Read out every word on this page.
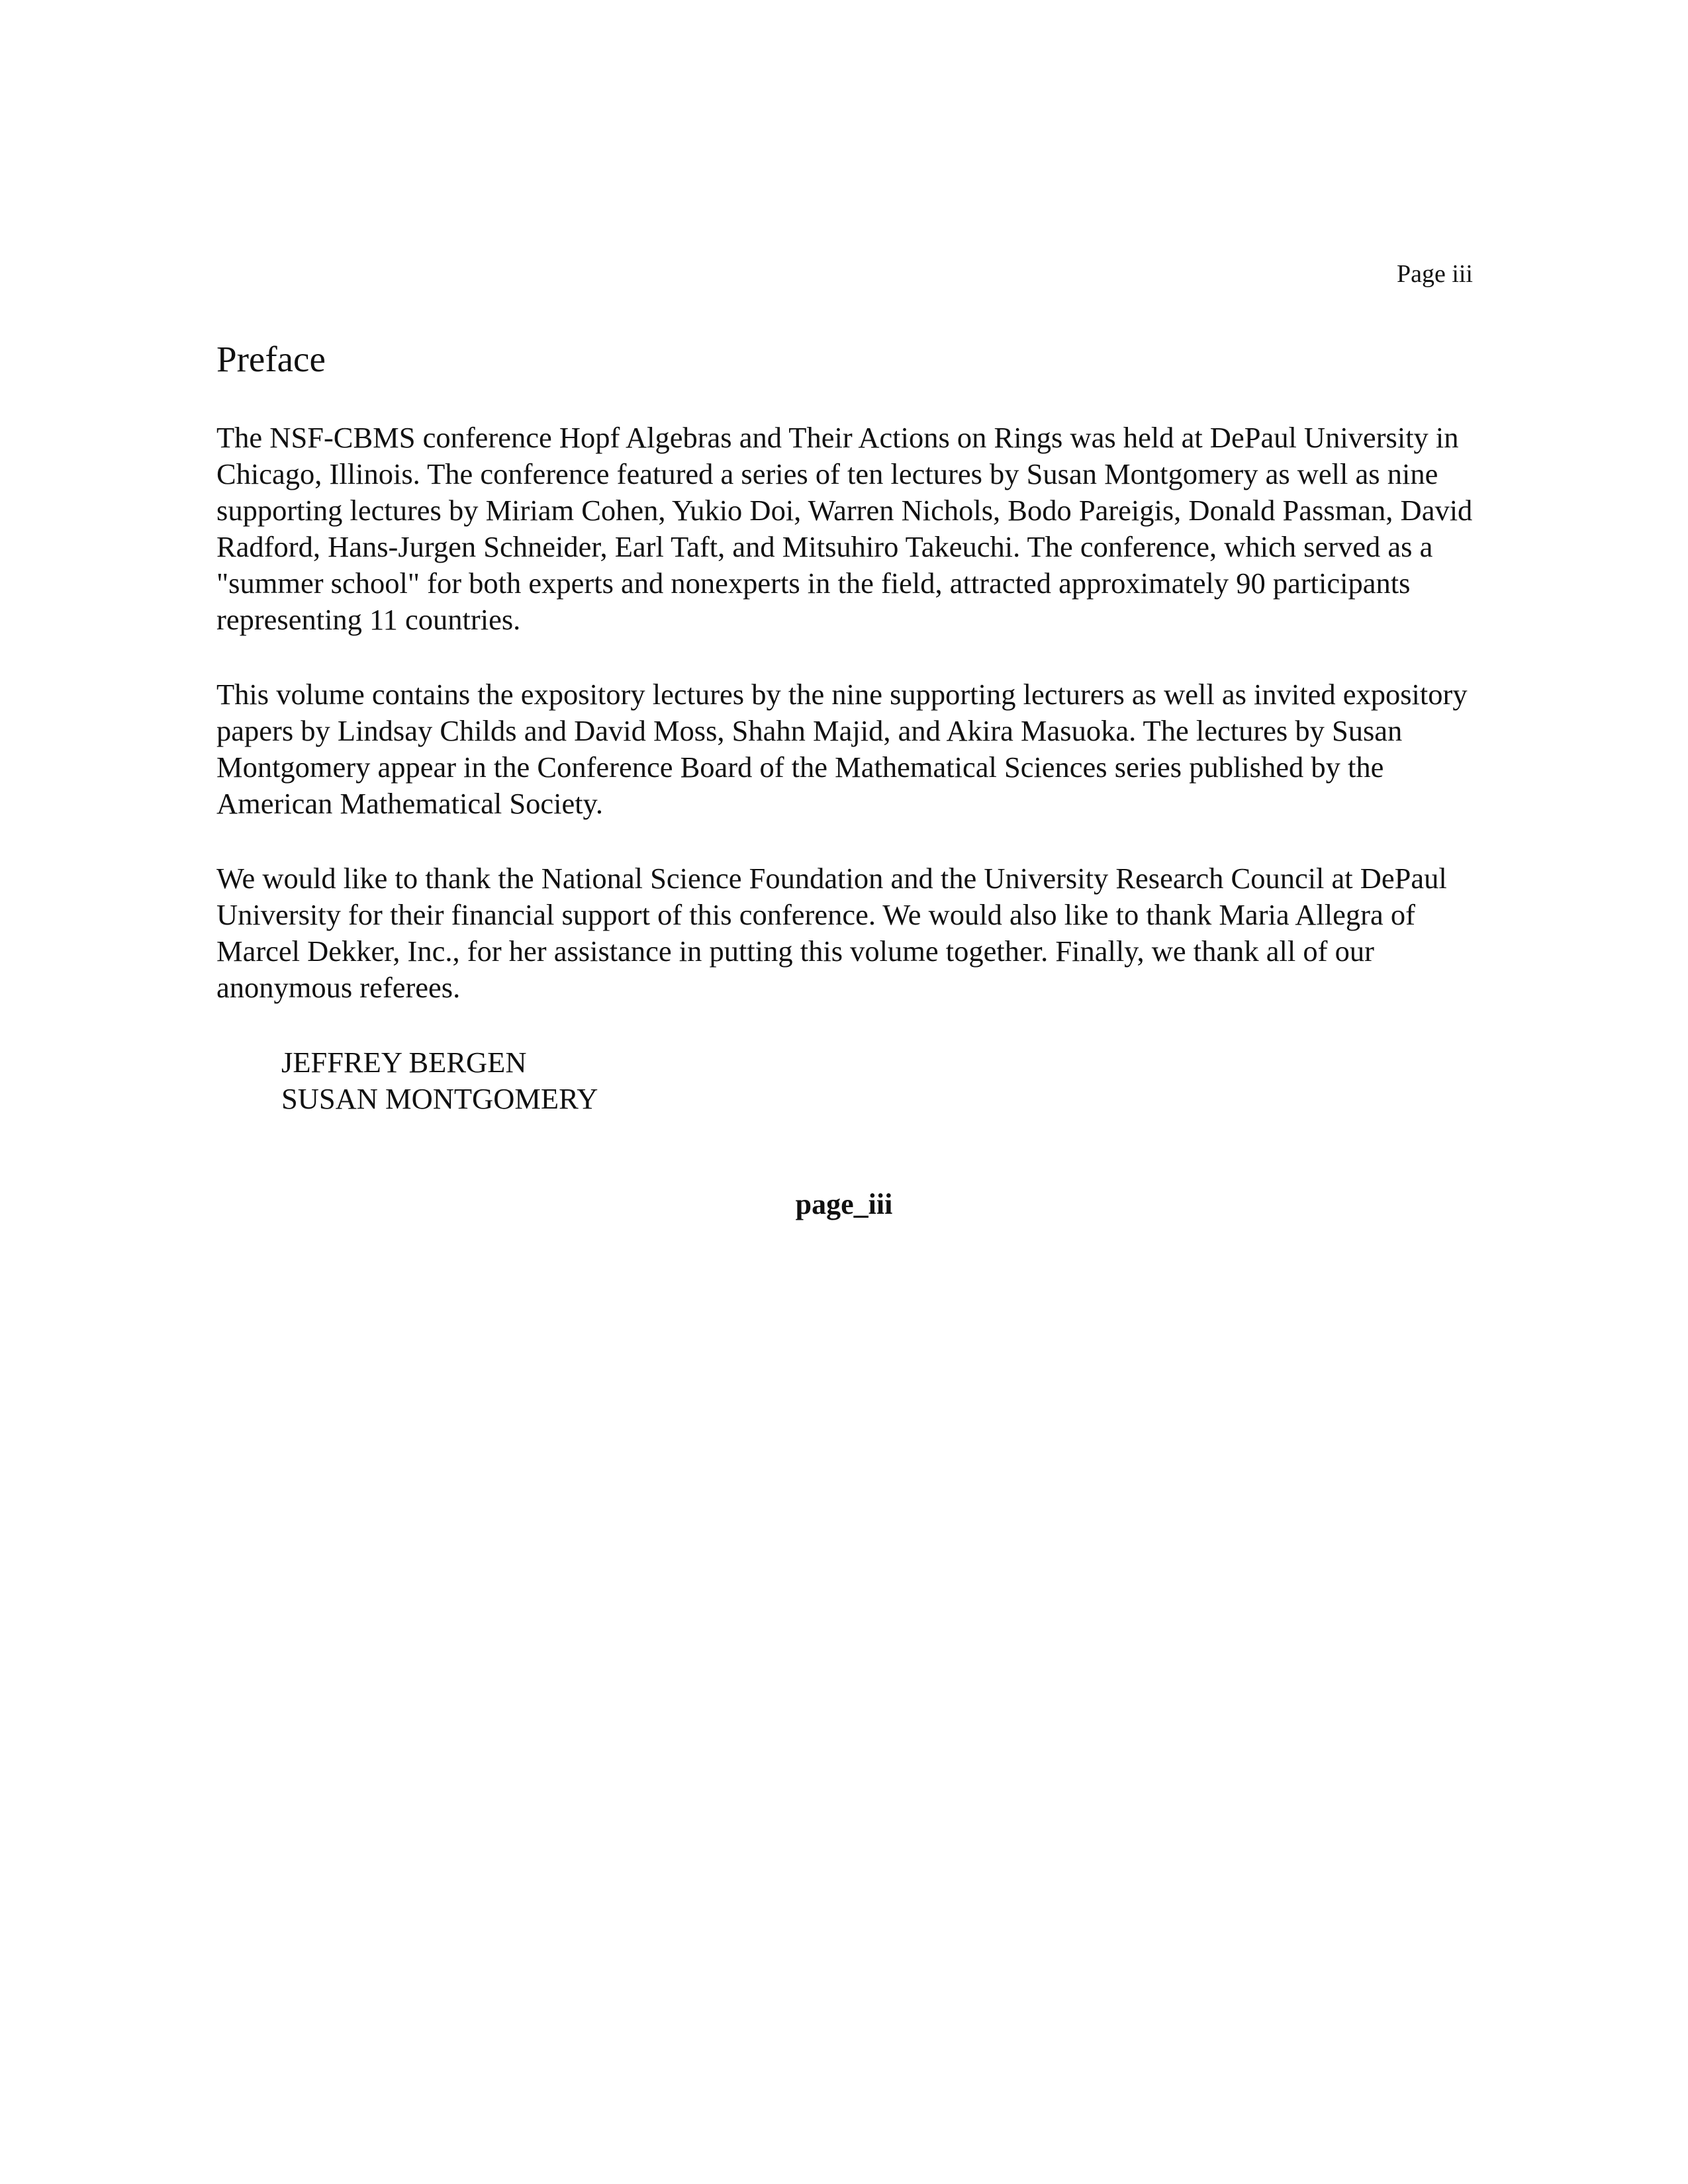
Page iii
Preface

The NSF-CBMS conference Hopf Algebras and Their Actions on Rings was held at DePaul University in Chicago, Illinois. The conference featured a series of ten lectures by Susan Montgomery as well as nine supporting lectures by Miriam Cohen, Yukio Doi, Warren Nichols, Bodo Pareigis, Donald Passman, David Radford, Hans-Jurgen Schneider, Earl Taft, and Mitsuhiro Takeuchi. The conference, which served as a "summer school" for both experts and nonexperts in the field, attracted approximately 90 participants representing 11 countries.

This volume contains the expository lectures by the nine supporting lecturers as well as invited expository papers by Lindsay Childs and David Moss, Shahn Majid, and Akira Masuoka. The lectures by Susan Montgomery appear in the Conference Board of the Mathematical Sciences series published by the American Mathematical Society.

We would like to thank the National Science Foundation and the University Research Council at DePaul University for their financial support of this conference. We would also like to thank Maria Allegra of Marcel Dekker, Inc., for her assistance in putting this volume together. Finally, we thank all of our anonymous referees.

JEFFREY BERGEN
SUSAN MONTGOMERY
page_iii
